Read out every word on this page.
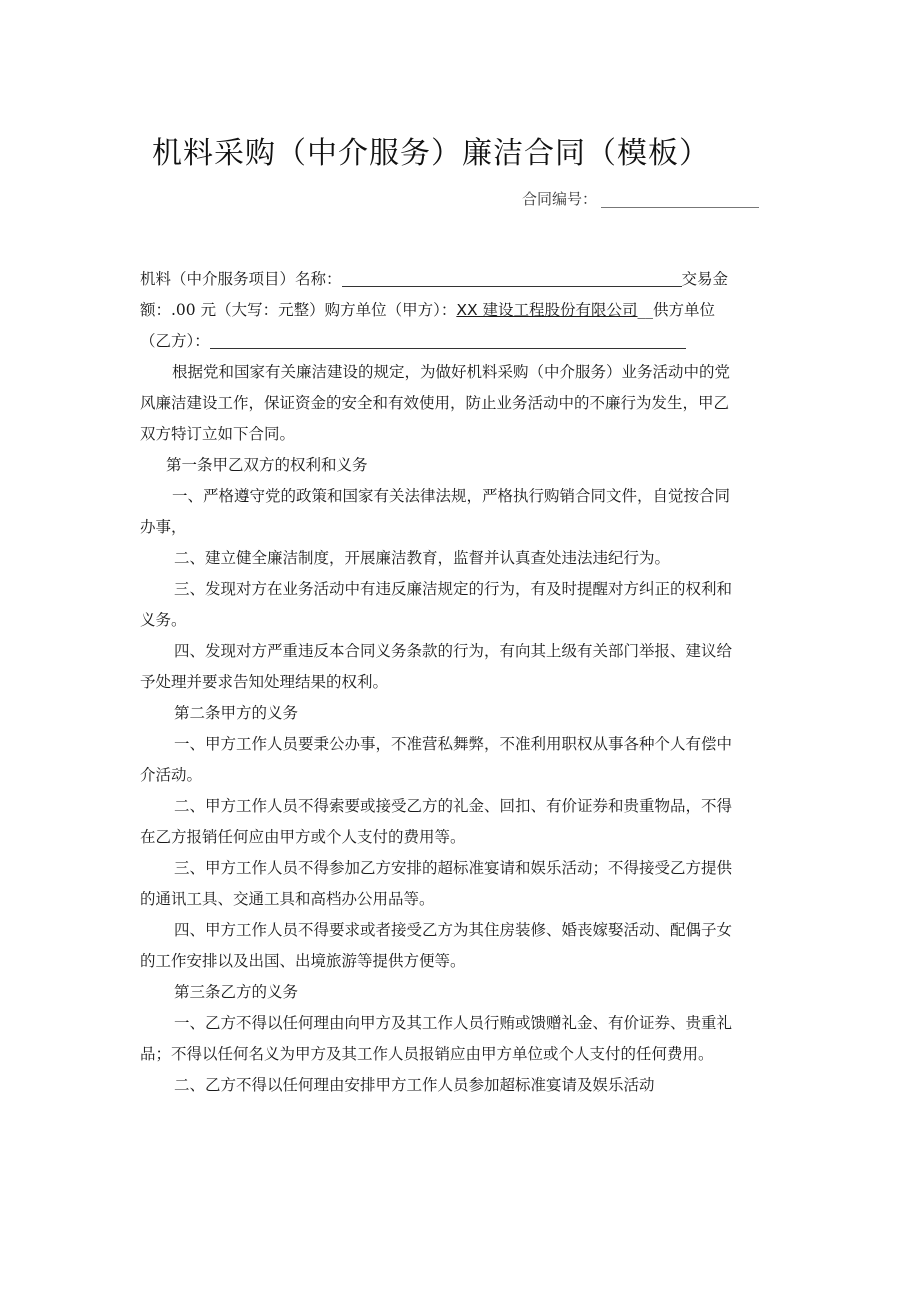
机料采购（中介服务）廉洁合同（模板）
合同编号：
机料（中介服务项目）名称：	交易金
额：.00 元（大写：元整）购方单位（甲方）：XX 建设工程股份有限公司__供方单位
（乙方）：
根据党和国家有关廉洁建设的规定，为做好机料采购（中介服务）业务活动中的党
风廉洁建设工作，保证资金的安全和有效使用，防止业务活动中的不廉行为发生，甲乙
双方特订立如下合同。
第一条甲乙双方的权利和义务
一、严格遵守党的政策和国家有关法律法规，严格执行购销合同文件，自觉按合同
办事，
二、建立健全廉洁制度，开展廉洁教育，监督并认真查处违法违纪行为。
三、发现对方在业务活动中有违反廉洁规定的行为，有及时提醒对方纠正的权利和
义务。
四、发现对方严重违反本合同义务条款的行为，有向其上级有关部门举报、建议给
予处理并要求告知处理结果的权利。
第二条甲方的义务
一、甲方工作人员要秉公办事，不准营私舞弊，不准利用职权从事各种个人有偿中
介活动。
二、甲方工作人员不得索要或接受乙方的礼金、回扣、有价证券和贵重物品，不得
在乙方报销任何应由甲方或个人支付的费用等。
三、甲方工作人员不得参加乙方安排的超标准宴请和娱乐活动；不得接受乙方提供
的通讯工具、交通工具和高档办公用品等。
四、甲方工作人员不得要求或者接受乙方为其住房装修、婚丧嫁娶活动、配偶子女
的工作安排以及出国、出境旅游等提供方便等。
第三条乙方的义务
一、乙方不得以任何理由向甲方及其工作人员行贿或馈赠礼金、有价证券、贵重礼
品；不得以任何名义为甲方及其工作人员报销应由甲方单位或个人支付的任何费用。
二、乙方不得以任何理由安排甲方工作人员参加超标准宴请及娱乐活动
